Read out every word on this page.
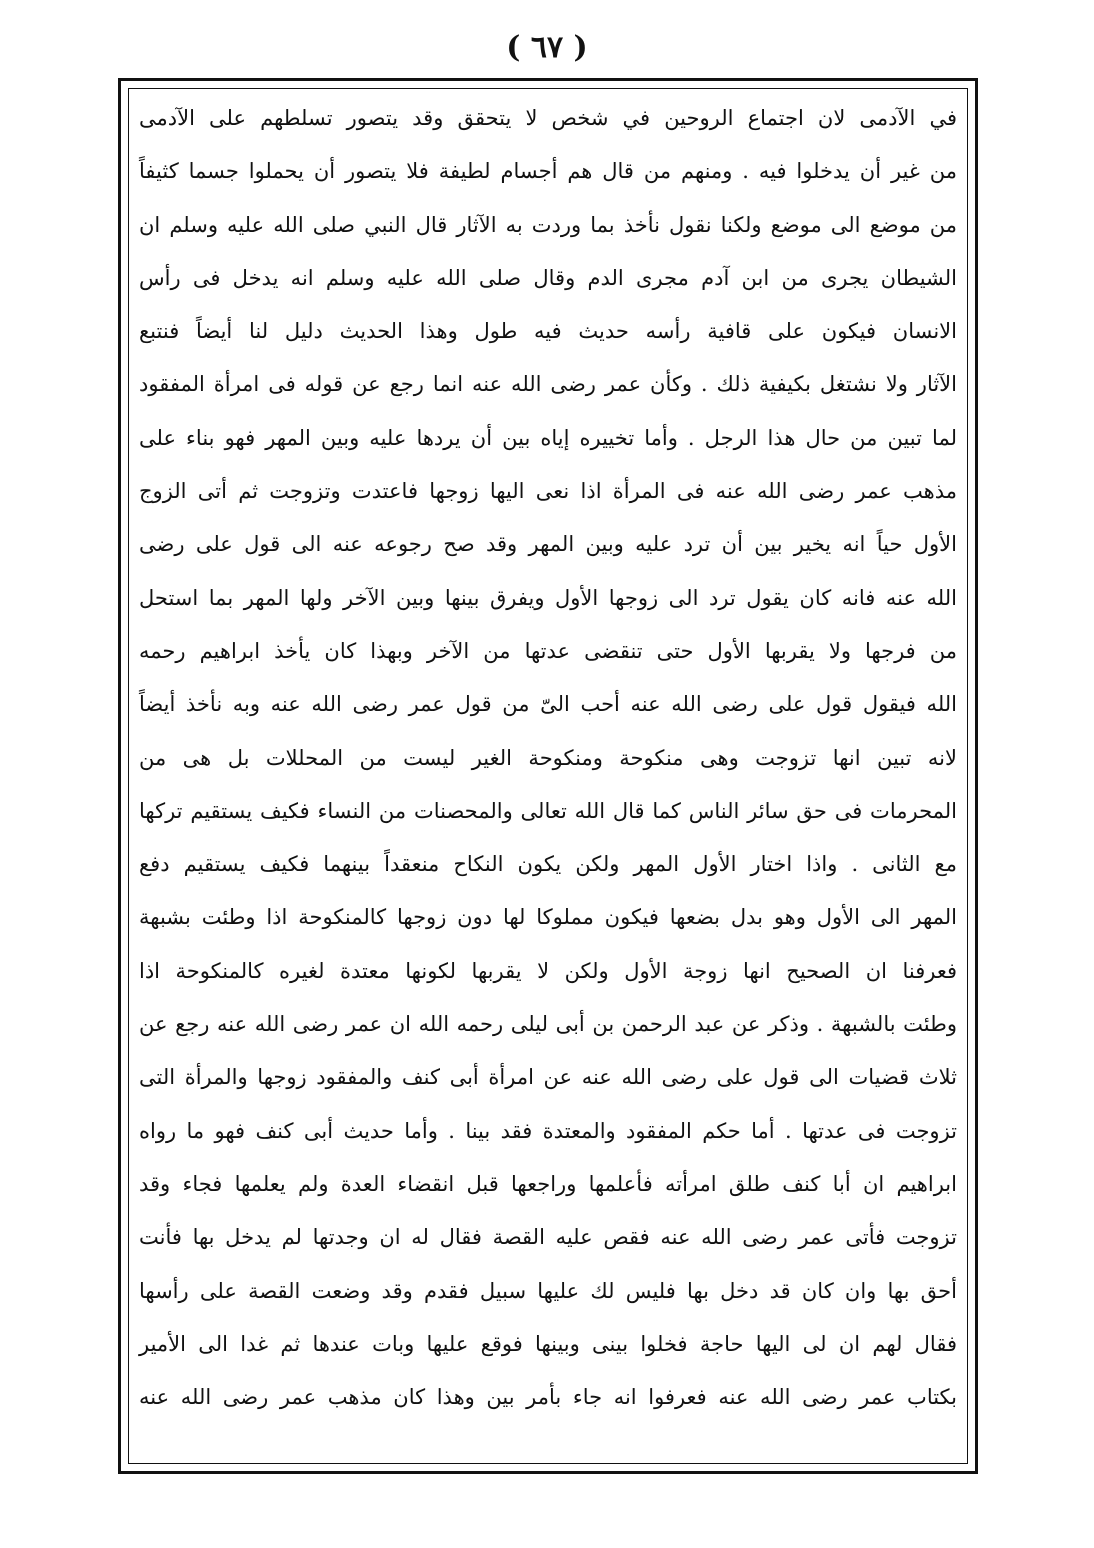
( ٦٧ )
في الآدمى لان اجتماع الروحين في شخص لا يتحقق وقد يتصور تسلطهم على الآدمى
من غير أن يدخلوا فيه . ومنهم من قال هم أجسام لطيفة فلا يتصور أن يحملوا جسما كثيفاً
من موضع الى موضع ولكنا نقول نأخذ بما وردت به الآثار قال النبي صلى الله عليه وسلم ان
الشيطان يجرى من ابن آدم مجرى الدم وقال صلى الله عليه وسلم انه يدخل فى رأس
الانسان فيكون على قافية رأسه حديث فيه طول وهذا الحديث دليل لنا أيضاً فنتبع
الآثار ولا نشتغل بكيفية ذلك . وكأن عمر رضى الله عنه انما رجع عن قوله فى امرأة المفقود
لما تبين من حال هذا الرجل . وأما تخييره إياه بين أن يردها عليه وبين المهر فهو بناء على
مذهب عمر رضى الله عنه فى المرأة اذا نعى اليها زوجها فاعتدت وتزوجت ثم أتى الزوج
الأول حياً انه يخير بين أن ترد عليه وبين المهر وقد صح رجوعه عنه الى قول على رضى
الله عنه فانه كان يقول ترد الى زوجها الأول ويفرق بينها وبين الآخر ولها المهر بما استحل
من فرجها ولا يقربها الأول حتى تنقضى عدتها من الآخر وبهذا كان يأخذ ابراهيم رحمه
الله فيقول قول على رضى الله عنه أحب الىّ من قول عمر رضى الله عنه وبه نأخذ أيضاً
لانه تبين انها تزوجت وهى منكوحة ومنكوحة الغير ليست من المحللات بل هى من
المحرمات فى حق سائر الناس كما قال الله تعالى والمحصنات من النساء فكيف يستقيم تركها
مع الثانى . واذا اختار الأول المهر ولكن يكون النكاح منعقداً بينهما فكيف يستقيم دفع
المهر الى الأول وهو بدل بضعها فيكون مملوكا لها دون زوجها كالمنكوحة اذا وطئت بشبهة
فعرفنا ان الصحيح انها زوجة الأول ولكن لا يقربها لكونها معتدة لغيره كالمنكوحة اذا
وطئت بالشبهة . وذكر عن عبد الرحمن بن أبى ليلى رحمه الله ان عمر رضى الله عنه رجع عن
ثلاث قضيات الى قول على رضى الله عنه عن امرأة أبى كنف والمفقود زوجها والمرأة التى
تزوجت فى عدتها . أما حكم المفقود والمعتدة فقد بينا . وأما حديث أبى كنف فهو ما رواه
ابراهيم ان أبا كنف طلق امرأته فأعلمها وراجعها قبل انقضاء العدة ولم يعلمها فجاء وقد
تزوجت فأتى عمر رضى الله عنه فقص عليه القصة فقال له ان وجدتها لم يدخل بها فأنت
أحق بها وان كان قد دخل بها فليس لك عليها سبيل فقدم وقد وضعت القصة على رأسها
فقال لهم ان لى اليها حاجة فخلوا بينى وبينها فوقع عليها وبات عندها ثم غدا الى الأمير
بكتاب عمر رضى الله عنه فعرفوا انه جاء بأمر بين وهذا كان مذهب عمر رضى الله عنه
